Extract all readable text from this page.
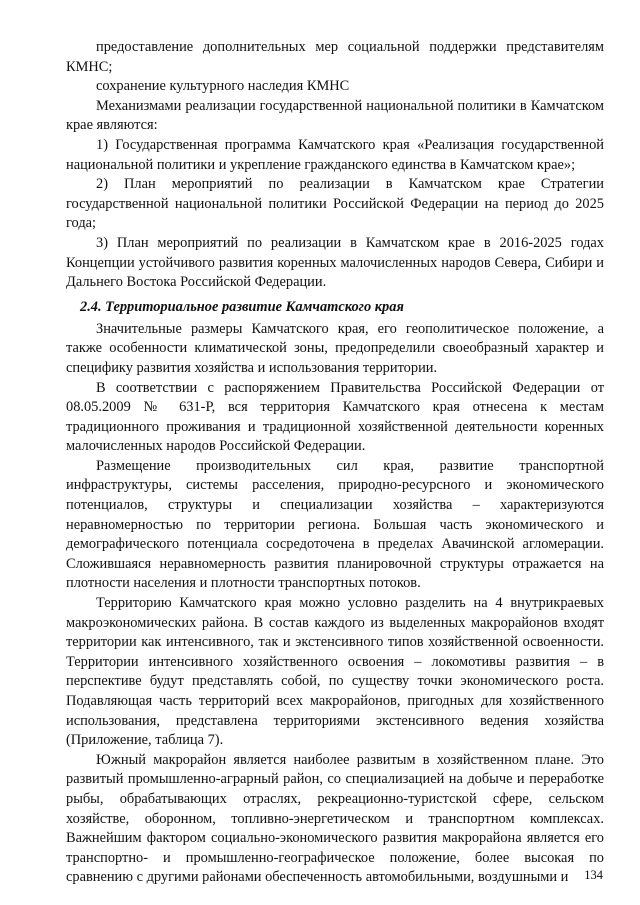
предоставление дополнительных мер социальной поддержки представителям КМНС;

сохранение культурного наследия КМНС

Механизмами реализации государственной национальной политики в Камчатском крае являются:

1) Государственная программа Камчатского края «Реализация государственной национальной политики и укрепление гражданского единства в Камчатском крае»;

2) План мероприятий по реализации в Камчатском крае Стратегии государственной национальной политики Российской Федерации на период до 2025 года;

3) План мероприятий по реализации в Камчатском крае в 2016-2025 годах Концепции устойчивого развития коренных малочисленных народов Севера, Сибири и Дальнего Востока Российской Федерации.

2.4. Территориальное развитие Камчатского края

Значительные размеры Камчатского края, его геополитическое положение, а также особенности климатической зоны, предопределили своеобразный характер и специфику развития хозяйства и использования территории.

В соответствии с распоряжением Правительства Российской Федерации от 08.05.2009 № 631-Р, вся территория Камчатского края отнесена к местам традиционного проживания и традиционной хозяйственной деятельности коренных малочисленных народов Российской Федерации.

Размещение производительных сил края, развитие транспортной инфраструктуры, системы расселения, природно-ресурсного и экономического потенциалов, структуры и специализации хозяйства – характеризуются неравномерностью по территории региона. Большая часть экономического и демографического потенциала сосредоточена в пределах Авачинской агломерации. Сложившаяся неравномерность развития планировочной структуры отражается на плотности населения и плотности транспортных потоков.

Территорию Камчатского края можно условно разделить на 4 внутрикраевых макроэкономических района. В состав каждого из выделенных макрорайонов входят территории как интенсивного, так и экстенсивного типов хозяйственной освоенности. Территории интенсивного хозяйственного освоения – локомотивы развития – в перспективе будут представлять собой, по существу точки экономического роста. Подавляющая часть территорий всех макрорайонов, пригодных для хозяйственного использования, представлена территориями экстенсивного ведения хозяйства (Приложение, таблица 7).

Южный макрорайон является наиболее развитым в хозяйственном плане. Это развитый промышленно-аграрный район, со специализацией на добыче и переработке рыбы, обрабатывающих отраслях, рекреационно-туристской сфере, сельском хозяйстве, оборонном, топливно-энергетическом и транспортном комплексах. Важнейшим фактором социально-экономического развития макрорайона является его транспортно- и промышленно-географическое положение, более высокая по сравнению с другими районами обеспеченность автомобильными, воздушными и	134
